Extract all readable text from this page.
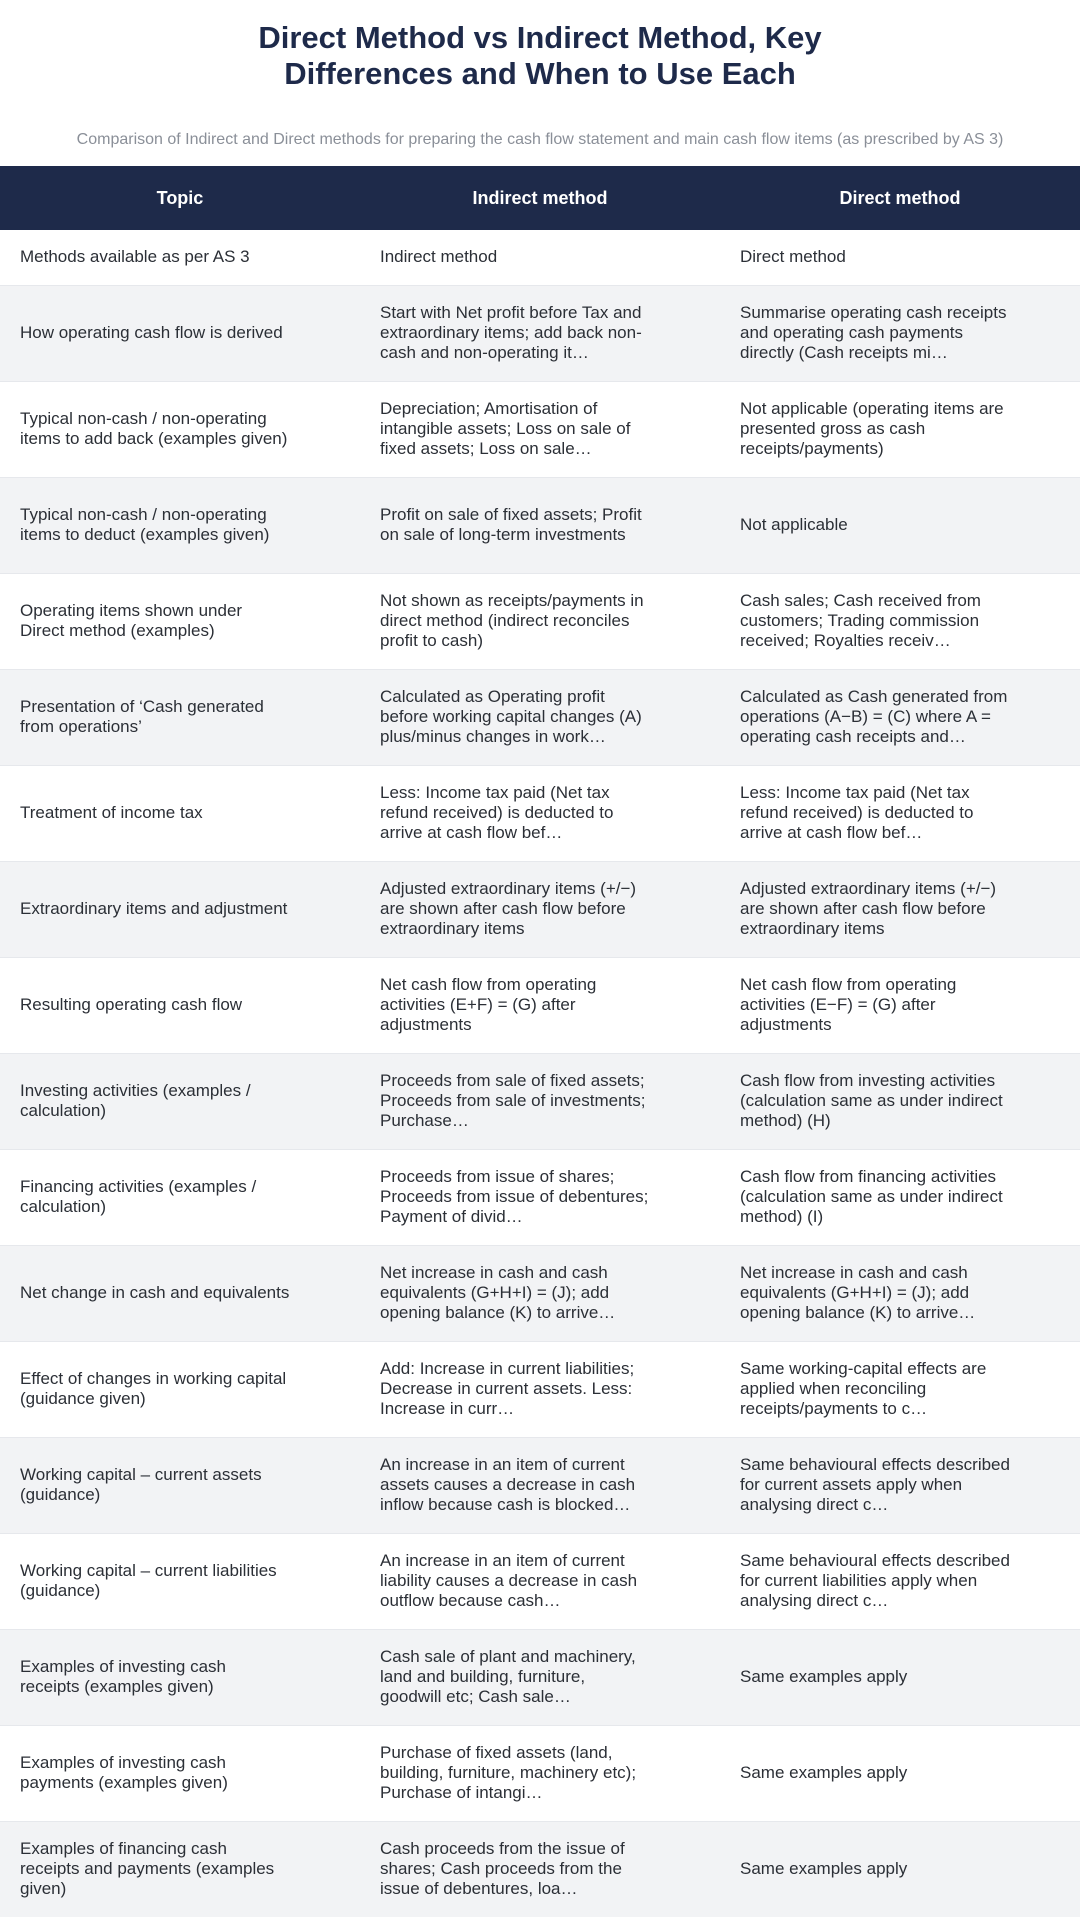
Direct Method vs Indirect Method, Key Differences and When to Use Each
Comparison of Indirect and Direct methods for preparing the cash flow statement and main cash flow items (as prescribed by AS 3)
Topic	Indirect method	Direct method

Methods available as per AS 3	Indirect method	Direct method

How operating cash flow is derived	Start with Net profit before Tax and extraordinary items; add back non-cash and non-operating it…	Summarise operating cash receipts and operating cash payments directly (Cash receipts mi…

Typical non-cash / non-operating items to add back (examples given)	Depreciation; Amortisation of intangible assets; Loss on sale of fixed assets; Loss on sale…	Not applicable (operating items are presented gross as cash receipts/payments)

Typical non-cash / non-operating items to deduct (examples given)	Profit on sale of fixed assets; Profit on sale of long-term investments	Not applicable

Operating items shown under Direct method (examples)	Not shown as receipts/payments in direct method (indirect reconciles profit to cash)	Cash sales; Cash received from customers; Trading commission received; Royalties receiv…

Presentation of ‘Cash generated from operations’	Calculated as Operating profit before working capital changes (A) plus/minus changes in work…	Calculated as Cash generated from operations (A−B) = (C) where A = operating cash receipts and…

Treatment of income tax	Less: Income tax paid (Net tax refund received) is deducted to arrive at cash flow bef…	Less: Income tax paid (Net tax refund received) is deducted to arrive at cash flow bef…

Extraordinary items and adjustment	Adjusted extraordinary items (+/−) are shown after cash flow before extraordinary items	Adjusted extraordinary items (+/−) are shown after cash flow before extraordinary items

Resulting operating cash flow	Net cash flow from operating activities (E+F) = (G) after adjustments	Net cash flow from operating activities (E−F) = (G) after adjustments

Investing activities (examples / calculation)	Proceeds from sale of fixed assets; Proceeds from sale of investments; Purchase…	Cash flow from investing activities (calculation same as under indirect method) (H)

Financing activities (examples / calculation)	Proceeds from issue of shares; Proceeds from issue of debentures; Payment of divid…	Cash flow from financing activities (calculation same as under indirect method) (I)

Net change in cash and equivalents	Net increase in cash and cash equivalents (G+H+I) = (J); add opening balance (K) to arrive…	Net increase in cash and cash equivalents (G+H+I) = (J); add opening balance (K) to arrive…

Effect of changes in working capital (guidance given)	Add: Increase in current liabilities; Decrease in current assets. Less: Increase in curr…	Same working-capital effects are applied when reconciling receipts/payments to c…

Working capital – current assets (guidance)	An increase in an item of current assets causes a decrease in cash inflow because cash is blocked…	Same behavioural effects described for current assets apply when analysing direct c…

Working capital – current liabilities (guidance)	An increase in an item of current liability causes a decrease in cash outflow because cash…	Same behavioural effects described for current liabilities apply when analysing direct c…

Examples of investing cash receipts (examples given)	Cash sale of plant and machinery, land and building, furniture, goodwill etc; Cash sale…	Same examples apply

Examples of investing cash payments (examples given)	Purchase of fixed assets (land, building, furniture, machinery etc); Purchase of intangi…	Same examples apply

Examples of financing cash receipts and payments (examples given)	Cash proceeds from the issue of shares; Cash proceeds from the issue of debentures, loa…	Same examples apply
